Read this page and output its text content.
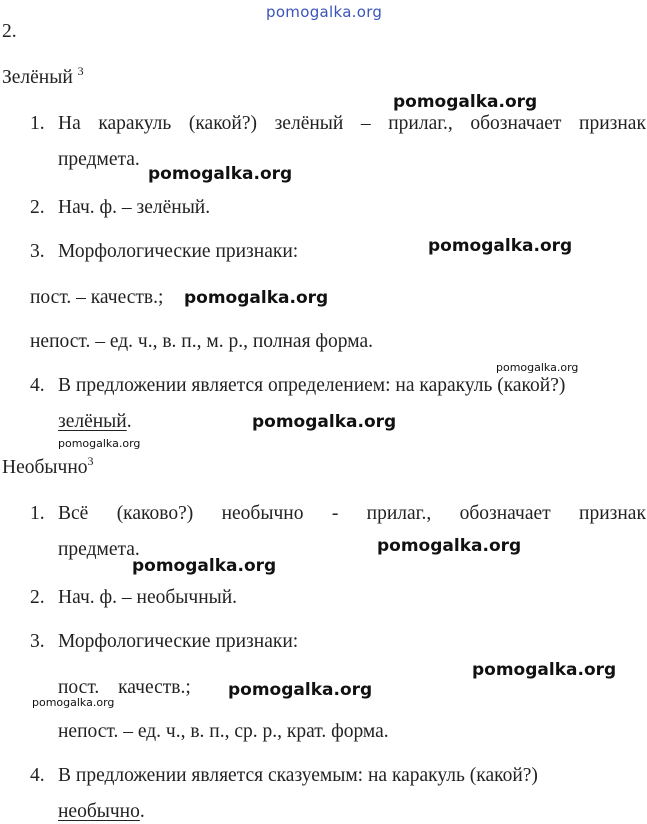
pomogalka.org
2.
Зелёный $^3$
1. На каракуль (какой?) зелёный – прилаг., обозначает признак
предмета.
2. Нач. ф. – зелёный.
3. Морфологические признаки:
пост. – качеств.;
непост. – ед. ч., в. п., м. р., полная форма.
4. В предложении является определением: на каракуль (какой?)
зелёный.
Необычно$^3$
1. Всё (каково?) необычно - прилаг., обозначает признак
предмета.
2. Нач. ф. – необычный.
3. Морфологические признаки:
пост. качеств.;
непост. – ед. ч., в. п., ср. р., крат. форма.
4. В предложении является сказуемым: на каракуль (какой?)
необычно.
pomogalka.org
pomogalka.org
pomogalka.org
pomogalka.org
pomogalka.org
pomogalka.org
pomogalka.org
pomogalka.org
pomogalka.org
pomogalka.org
pomogalka.org
pomogalka.org
